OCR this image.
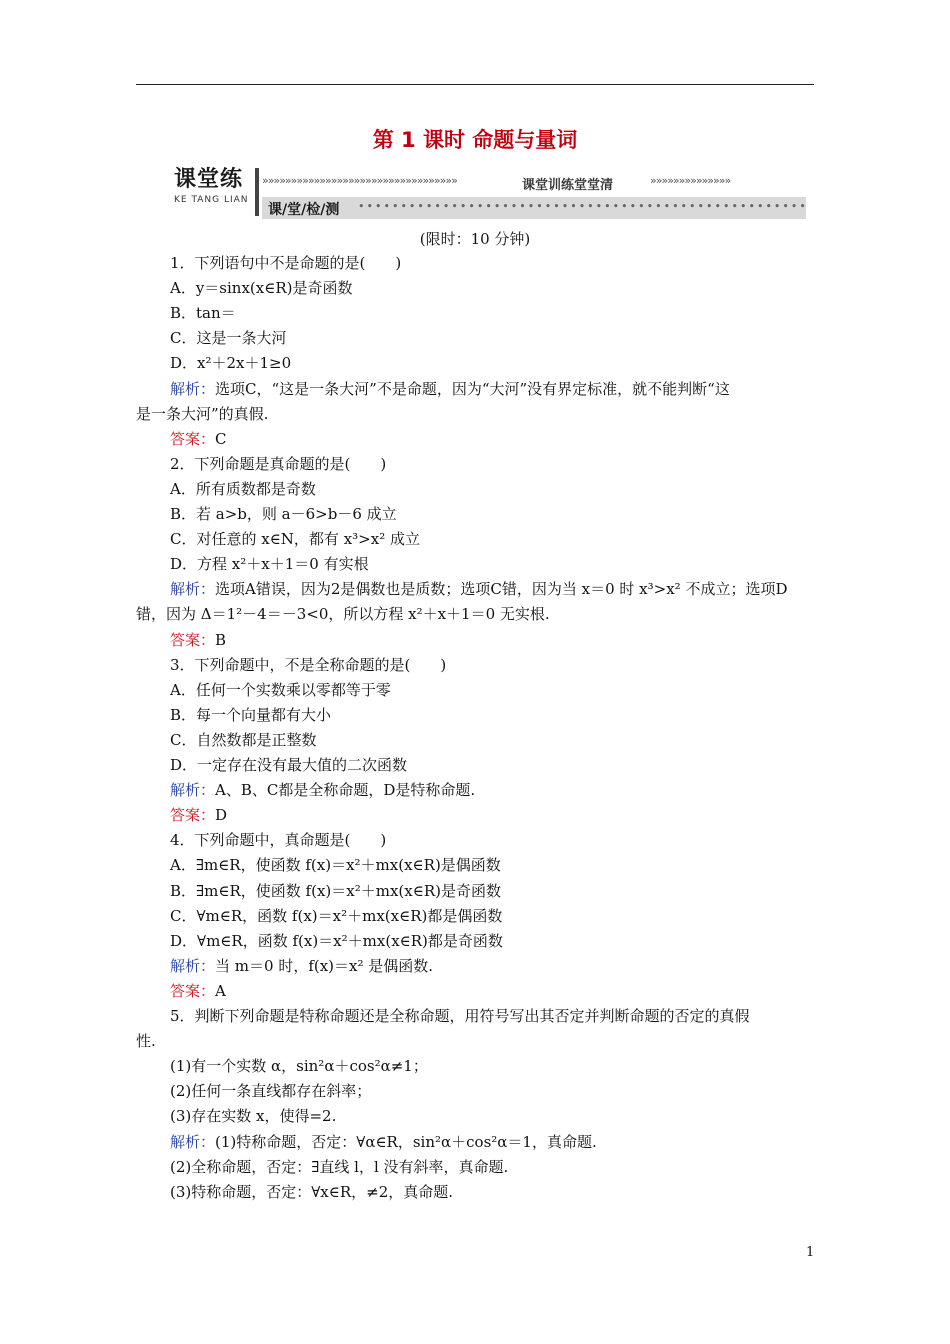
第 1 课时 命题与量词
课堂练
KE TANG LIAN
»»»»»»»»»»»»»»»»»»»»»»»»»»»»»»»»»»	»»»»»»»»»»»»»»
课堂训练堂堂清
课/堂/检/测 •••••••••••••••••••••••••••••••••••••••••••••••••••••
(限时：10 分钟)
1．下列语句中不是命题的是(　　)
A．y＝sinx(x∈R)是奇函数
B．tan＝
C．这是一条大河
D．x²＋2x＋1≥0
解析：选项C，“这是一条大河”不是命题，因为“大河”没有界定标准，就不能判断“这
是一条大河”的真假.
答案：C
2．下列命题是真命题的是(　　)
A．所有质数都是奇数
B．若 a>b，则 a－6>b－6 成立
C．对任意的 x∈N，都有 x³>x² 成立
D．方程 x²＋x＋1＝0 有实根
解析：选项A错误，因为2是偶数也是质数；选项C错，因为当 x＝0 时 x³>x² 不成立；选项D
错，因为 Δ＝1²－4＝－3<0，所以方程 x²＋x＋1＝0 无实根.
答案：B
3．下列命题中，不是全称命题的是(　　)
A．任何一个实数乘以零都等于零
B．每一个向量都有大小
C．自然数都是正整数
D．一定存在没有最大值的二次函数
解析：A、B、C都是全称命题，D是特称命题.
答案：D
4．下列命题中，真命题是(　　)
A．∃m∈R，使函数 f(x)＝x²＋mx(x∈R)是偶函数
B．∃m∈R，使函数 f(x)＝x²＋mx(x∈R)是奇函数
C．∀m∈R，函数 f(x)＝x²＋mx(x∈R)都是偶函数
D．∀m∈R，函数 f(x)＝x²＋mx(x∈R)都是奇函数
解析：当 m＝0 时，f(x)＝x² 是偶函数.
答案：A
5．判断下列命题是特称命题还是全称命题，用符号写出其否定并判断命题的否定的真假
性.
(1)有一个实数 α，sin²α＋cos²α≠1；
(2)任何一条直线都存在斜率；
(3)存在实数 x，使得=2.
解析：(1)特称命题，否定：∀α∈R，sin²α＋cos²α＝1，真命题.
(2)全称命题，否定：∃直线 l，l 没有斜率，真命题.
(3)特称命题，否定：∀x∈R，≠2，真命题.
1
